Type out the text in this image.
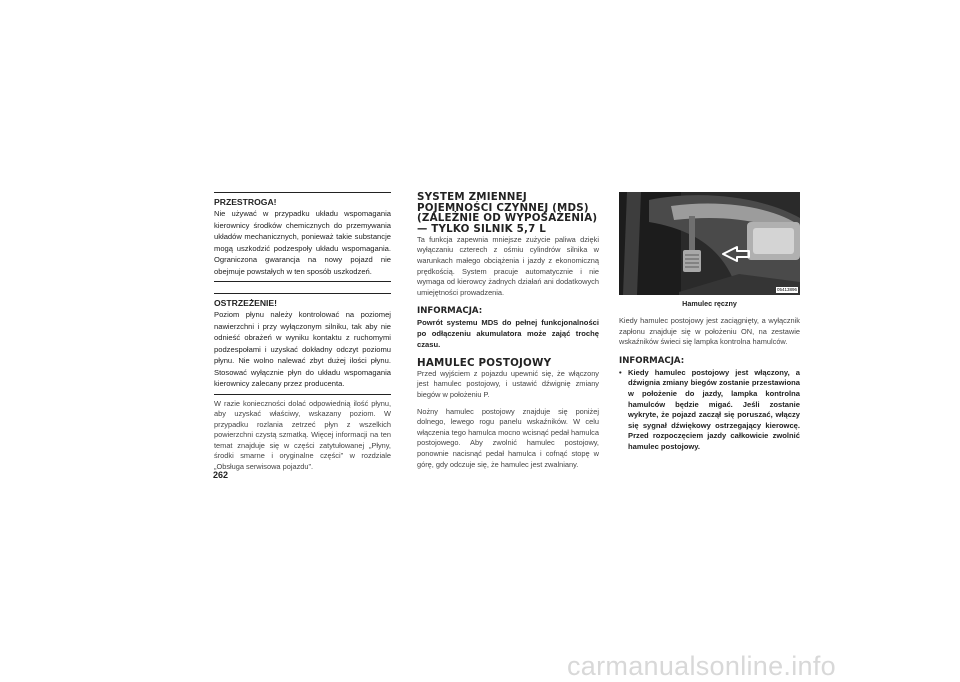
PRZESTROGA!
Nie używać w przypadku układu wspomagania kierownicy środków chemicznych do przemywania układów mechanicznych, ponieważ takie substancje mogą uszkodzić podzespoły układu wspomagania. Ograniczona gwarancja na nowy pojazd nie obejmuje powstałych w ten sposób uszkodzeń.
OSTRZEŻENIE!
Poziom płynu należy kontrolować na poziomej nawierzchni i przy wyłączonym silniku, tak aby nie odnieść obrażeń w wyniku kontaktu z ruchomymi podzespołami i uzyskać dokładny odczyt poziomu płynu. Nie wolno nalewać zbyt dużej ilości płynu. Stosować wyłącznie płyn do układu wspomagania kierownicy zalecany przez producenta.

W razie konieczności dolać odpowiednią ilość płynu, aby uzyskać właściwy, wskazany poziom. W przypadku rozlania zetrzeć płyn z wszelkich powierzchni czystą szmatką. Więcej informacji na ten temat znajduje się w części zatytułowanej „Płyny, środki smarne i oryginalne części” w rozdziale „Obsługa serwisowa pojazdu”.

SYSTEM ZMIENNEJ POJEMNOŚCI CZYNNEJ (MDS) (ZALEŻNIE OD WYPOSAŻENIA) — TYLKO SILNIK 5,7 L

Ta funkcja zapewnia mniejsze zużycie paliwa dzięki wyłączaniu czterech z ośmiu cylindrów silnika w warunkach małego obciążenia i jazdy z ekonomiczną prędkością. System pracuje automatycznie i nie wymaga od kierowcy żadnych działań ani dodatkowych umiejętności prowadzenia.

INFORMACJA:

Powrót systemu MDS do pełnej funkcjonalności po odłączeniu akumulatora może zająć trochę czasu.

HAMULEC POSTOJOWY

Przed wyjściem z pojazdu upewnić się, że włączony jest hamulec postojowy, i ustawić dźwignię zmiany biegów w położeniu P.

Nożny hamulec postojowy znajduje się poniżej dolnego, lewego rogu panelu wskaźników. W celu włączenia tego hamulca mocno wcisnąć pedał hamulca postojowego. Aby zwolnić hamulec postojowy, ponownie nacisnąć pedał hamulca i cofnąć stopę w górę, gdy odczuje się, że hamulec jest zwalniany.

05413896
Hamulec ręczny

Kiedy hamulec postojowy jest zaciągnięty, a wyłącznik zapłonu znajduje się w położeniu ON, na zestawie wskaźników świeci się lampka kontrolna hamulców.

INFORMACJA:
• Kiedy hamulec postojowy jest włączony, a dźwignia zmiany biegów zostanie przestawiona w położenie do jazdy, lampka kontrolna hamulców będzie migać. Jeśli zostanie wykryte, że pojazd zaczął się poruszać, włączy się sygnał dźwiękowy ostrzegający kierowcę. Przed rozpoczęciem jazdy całkowicie zwolnić hamulec postojowy.

262
carmanualsonline.info
